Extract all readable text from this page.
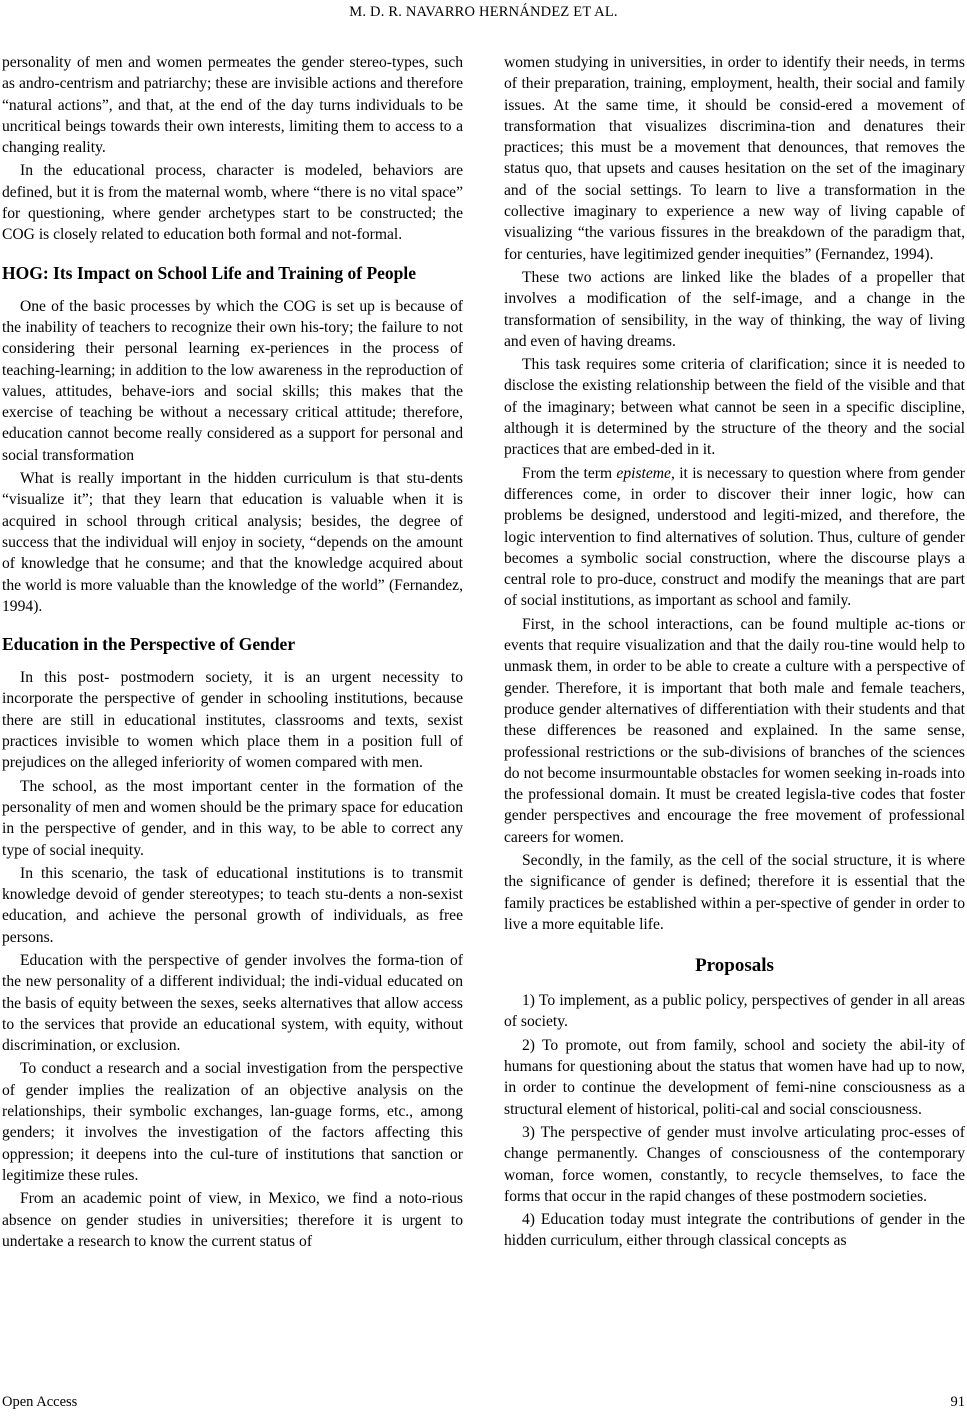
M. D. R. NAVARRO HERNÁNDEZ ET AL.

personality of men and women permeates the gender stereo-types, such as andro-centrism and patriarchy; these are invisible actions and therefore “natural actions”, and that, at the end of the day turns individuals to be uncritical beings towards their own interests, limiting them to access to a changing reality.

In the educational process, character is modeled, behaviors are defined, but it is from the maternal womb, where “there is no vital space” for questioning, where gender archetypes start to be constructed; the COG is closely related to education both formal and not-formal.

HOG: Its Impact on School Life and Training of People

One of the basic processes by which the COG is set up is because of the inability of teachers to recognize their own his-tory; the failure to not considering their personal learning ex-periences in the process of teaching-learning; in addition to the low awareness in the reproduction of values, attitudes, behave-iors and social skills; this makes that the exercise of teaching be without a necessary critical attitude; therefore, education cannot become really considered as a support for personal and social transformation

What is really important in the hidden curriculum is that stu-dents “visualize it”; that they learn that education is valuable when it is acquired in school through critical analysis; besides, the degree of success that the individual will enjoy in society, “depends on the amount of knowledge that he consume; and that the knowledge acquired about the world is more valuable than the knowledge of the world” (Fernandez, 1994).

Education in the Perspective of Gender

In this post- postmodern society, it is an urgent necessity to incorporate the perspective of gender in schooling institutions, because there are still in educational institutes, classrooms and texts, sexist practices invisible to women which place them in a position full of prejudices on the alleged inferiority of women compared with men.

The school, as the most important center in the formation of the personality of men and women should be the primary space for education in the perspective of gender, and in this way, to be able to correct any type of social inequity.

In this scenario, the task of educational institutions is to transmit knowledge devoid of gender stereotypes; to teach stu-dents a non-sexist education, and achieve the personal growth of individuals, as free persons.

Education with the perspective of gender involves the forma-tion of the new personality of a different individual; the indi-vidual educated on the basis of equity between the sexes, seeks alternatives that allow access to the services that provide an educational system, with equity, without discrimination, or exclusion.

To conduct a research and a social investigation from the perspective of gender implies the realization of an objective analysis on the relationships, their symbolic exchanges, lan-guage forms, etc., among genders; it involves the investigation of the factors affecting this oppression; it deepens into the cul-ture of institutions that sanction or legitimize these rules.

From an academic point of view, in Mexico, we find a noto-rious absence on gender studies in universities; therefore it is urgent to undertake a research to know the current status of

women studying in universities, in order to identify their needs, in terms of their preparation, training, employment, health, their social and family issues. At the same time, it should be consid-ered a movement of transformation that visualizes discrimina-tion and denatures their practices; this must be a movement that denounces, that removes the status quo, that upsets and causes hesitation on the set of the imaginary and of the social settings. To learn to live a transformation in the collective imaginary to experience a new way of living capable of visualizing “the various fissures in the breakdown of the paradigm that, for centuries, have legitimized gender inequities” (Fernandez, 1994).

These two actions are linked like the blades of a propeller that involves a modification of the self-image, and a change in the transformation of sensibility, in the way of thinking, the way of living and even of having dreams.

This task requires some criteria of clarification; since it is needed to disclose the existing relationship between the field of the visible and that of the imaginary; between what cannot be seen in a specific discipline, although it is determined by the structure of the theory and the social practices that are embed-ded in it.

From the term episteme, it is necessary to question where from gender differences come, in order to discover their inner logic, how can problems be designed, understood and legiti-mized, and therefore, the logic intervention to find alternatives of solution. Thus, culture of gender becomes a symbolic social construction, where the discourse plays a central role to pro-duce, construct and modify the meanings that are part of social institutions, as important as school and family.

First, in the school interactions, can be found multiple ac-tions or events that require visualization and that the daily rou-tine would help to unmask them, in order to be able to create a culture with a perspective of gender. Therefore, it is important that both male and female teachers, produce gender alternatives of differentiation with their students and that these differences be reasoned and explained. In the same sense, professional restrictions or the sub-divisions of branches of the sciences do not become insurmountable obstacles for women seeking in-roads into the professional domain. It must be created legisla-tive codes that foster gender perspectives and encourage the free movement of professional careers for women.

Secondly, in the family, as the cell of the social structure, it is where the significance of gender is defined; therefore it is essential that the family practices be established within a per-spective of gender in order to live a more equitable life.

Proposals

1) To implement, as a public policy, perspectives of gender in all areas of society.

2) To promote, out from family, school and society the abil-ity of humans for questioning about the status that women have had up to now, in order to continue the development of femi-nine consciousness as a structural element of historical, politi-cal and social consciousness.

3) The perspective of gender must involve articulating proc-esses of change permanently. Changes of consciousness of the contemporary woman, force women, constantly, to recycle themselves, to face the forms that occur in the rapid changes of these postmodern societies.

4) Education today must integrate the contributions of gender in the hidden curriculum, either through classical concepts as

Open Access	91
